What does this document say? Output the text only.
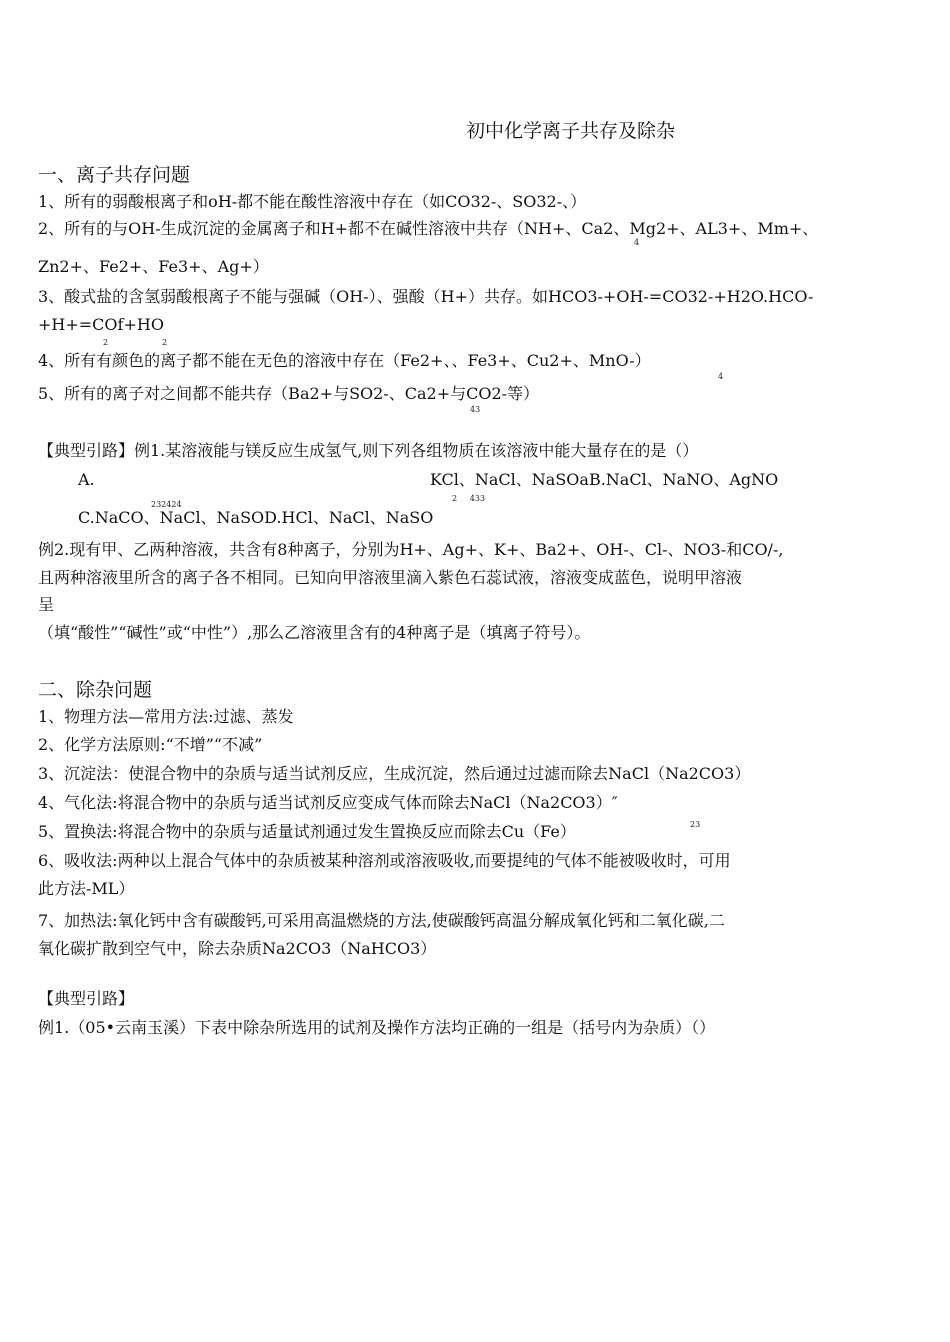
初中化学离子共存及除杂
一、离子共存问题
1、所有的弱酸根离子和oH-都不能在酸性溶液中存在（如CO32-、SO32-、）
2、所有的与OH-生成沉淀的金属离子和H+都不在碱性溶液中共存（NH+、Ca2、Mg2+、AL3+、Mm+、
4
Zn2+、Fe2+、Fe3+、Ag+）
3、酸式盐的含氢弱酸根离子不能与强碱（OH-）、强酸（H+）共存。如HCO3-+OH-=CO32-+H2O.HCO-
+H+=COf+HO
2	2
4、所有有颜色的离子都不能在无色的溶液中存在（Fe2+、、Fe3+、Cu2+、MnO-）
4
5、所有的离子对之间都不能共存（Ba2+与SO2-、Ca2+与CO2-等）
43
【典型引路】例1.某溶液能与镁反应生成氢气,则下列各组物质在该溶液中能大量存在的是（）
A.	KCl、NaCl、NaSOaB.NaCl、NaNO、AgNO
2     433
C.NaCO、NaCl、NaSOD.HCl、NaCl、NaSO
232424
例2.现有甲、乙两种溶液，共含有8种离子，分别为H+、Ag+、K+、Ba2+、OH-、Cl-、NO3-和CO/-,
且两种溶液里所含的离子各不相同。已知向甲溶液里滴入紫色石蕊试液，溶液变成蓝色，说明甲溶液
呈
（填“酸性”“碱性”或“中性”）,那么乙溶液里含有的4种离子是（填离子符号）。
二、除杂问题
1、物理方法—常用方法:过滤、蒸发
2、化学方法原则:“不增”“不减”
3、沉淀法：使混合物中的杂质与适当试剂反应，生成沉淀，然后通过过滤而除去NaCl（Na2CO3）
4、气化法:将混合物中的杂质与适当试剂反应变成气体而除去NaCl（Na2CO3）″
5、置换法:将混合物中的杂质与适量试剂通过发生置换反应而除去Cu（Fe）	23
6、吸收法:两种以上混合气体中的杂质被某种溶剂或溶液吸收,而要提纯的气体不能被吸收时，可用
此方法-ML）
7、加热法:氧化钙中含有碳酸钙,可采用高温燃烧的方法,使碳酸钙高温分解成氧化钙和二氧化碳,二
氧化碳扩散到空气中，除去杂质Na2CO3（NaHCO3）
【典型引路】
例1.（05•云南玉溪）下表中除杂所选用的试剂及操作方法均正确的一组是（括号内为杂质）（）
